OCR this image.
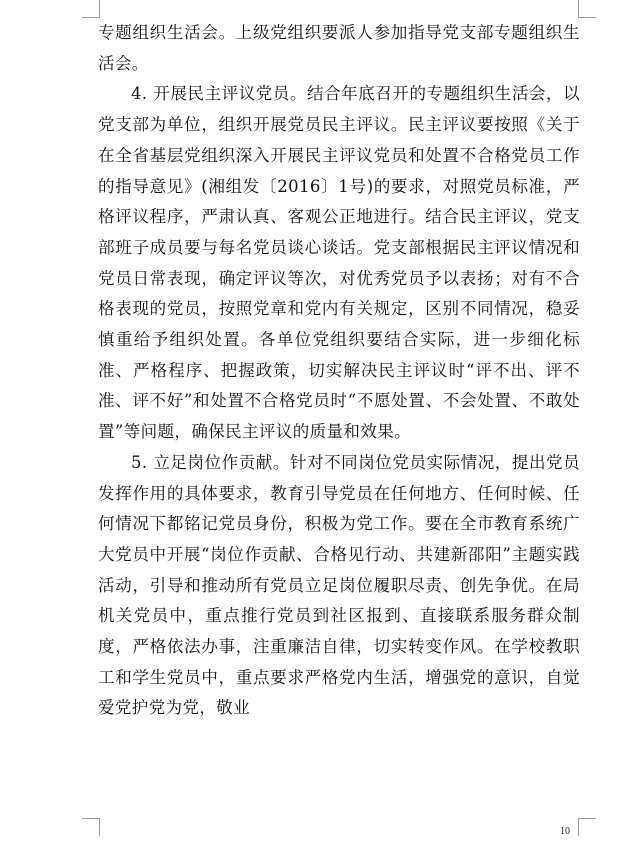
专题组织生活会。上级党组织要派人参加指导党支部专题组织生活会。

4. 开展民主评议党员。结合年底召开的专题组织生活会，以党支部为单位，组织开展党员民主评议。民主评议要按照《关于在全省基层党组织深入开展民主评议党员和处置不合格党员工作的指导意见》(湘组发〔2016〕1号)的要求，对照党员标准，严格评议程序，严肃认真、客观公正地进行。结合民主评议，党支部班子成员要与每名党员谈心谈话。党支部根据民主评议情况和党员日常表现，确定评议等次，对优秀党员予以表扬；对有不合格表现的党员，按照党章和党内有关规定，区别不同情况，稳妥慎重给予组织处置。各单位党组织要结合实际，进一步细化标准、严格程序、把握政策，切实解决民主评议时“评不出、评不准、评不好”和处置不合格党员时“不愿处置、不会处置、不敢处置”等问题，确保民主评议的质量和效果。

5. 立足岗位作贡献。针对不同岗位党员实际情况，提出党员发挥作用的具体要求，教育引导党员在任何地方、任何时候、任何情况下都铭记党员身份，积极为党工作。要在全市教育系统广大党员中开展“岗位作贡献、合格见行动、共建新邵阳”主题实践活动，引导和推动所有党员立足岗位履职尽责、创先争优。在局机关党员中，重点推行党员到社区报到、直接联系服务群众制度，严格依法办事，注重廉洁自律，切实转变作风。在学校教职工和学生党员中，重点要求严格党内生活，增强党的意识，自觉爱党护党为党，敬业

10
